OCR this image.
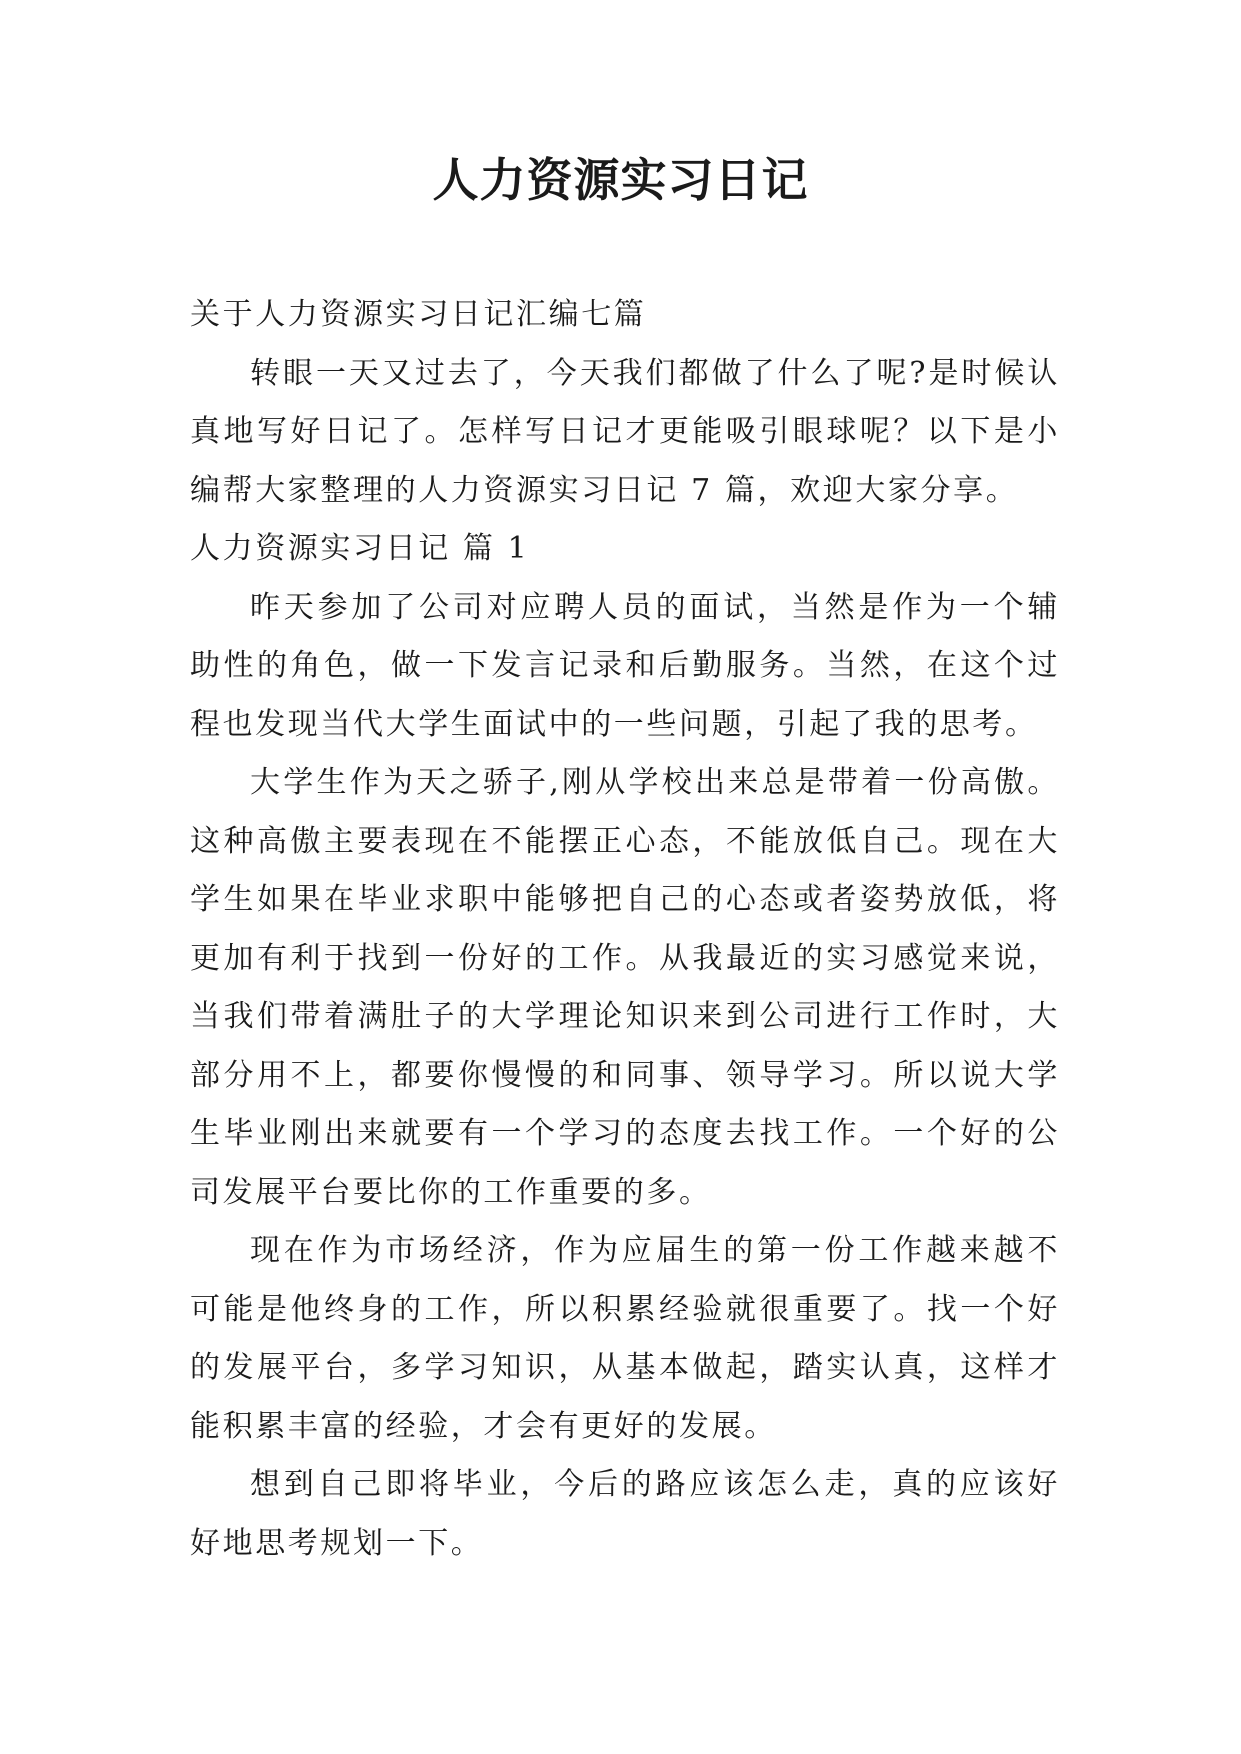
人力资源实习日记

关于人力资源实习日记汇编七篇

转眼一天又过去了，今天我们都做了什么了呢?是时候认真地写好日记了。怎样写日记才更能吸引眼球呢？以下是小编帮大家整理的人力资源实习日记 7 篇，欢迎大家分享。

人力资源实习日记 篇 1

昨天参加了公司对应聘人员的面试，当然是作为一个辅助性的角色，做一下发言记录和后勤服务。当然，在这个过程也发现当代大学生面试中的一些问题，引起了我的思考。

大学生作为天之骄子,刚从学校出来总是带着一份高傲。这种高傲主要表现在不能摆正心态，不能放低自己。现在大学生如果在毕业求职中能够把自己的心态或者姿势放低，将更加有利于找到一份好的工作。从我最近的实习感觉来说，当我们带着满肚子的大学理论知识来到公司进行工作时，大部分用不上，都要你慢慢的和同事、领导学习。所以说大学生毕业刚出来就要有一个学习的态度去找工作。一个好的公司发展平台要比你的工作重要的多。

现在作为市场经济，作为应届生的第一份工作越来越不可能是他终身的工作，所以积累经验就很重要了。找一个好的发展平台，多学习知识，从基本做起，踏实认真，这样才能积累丰富的经验，才会有更好的发展。

想到自己即将毕业，今后的路应该怎么走，真的应该好好地思考规划一下。
